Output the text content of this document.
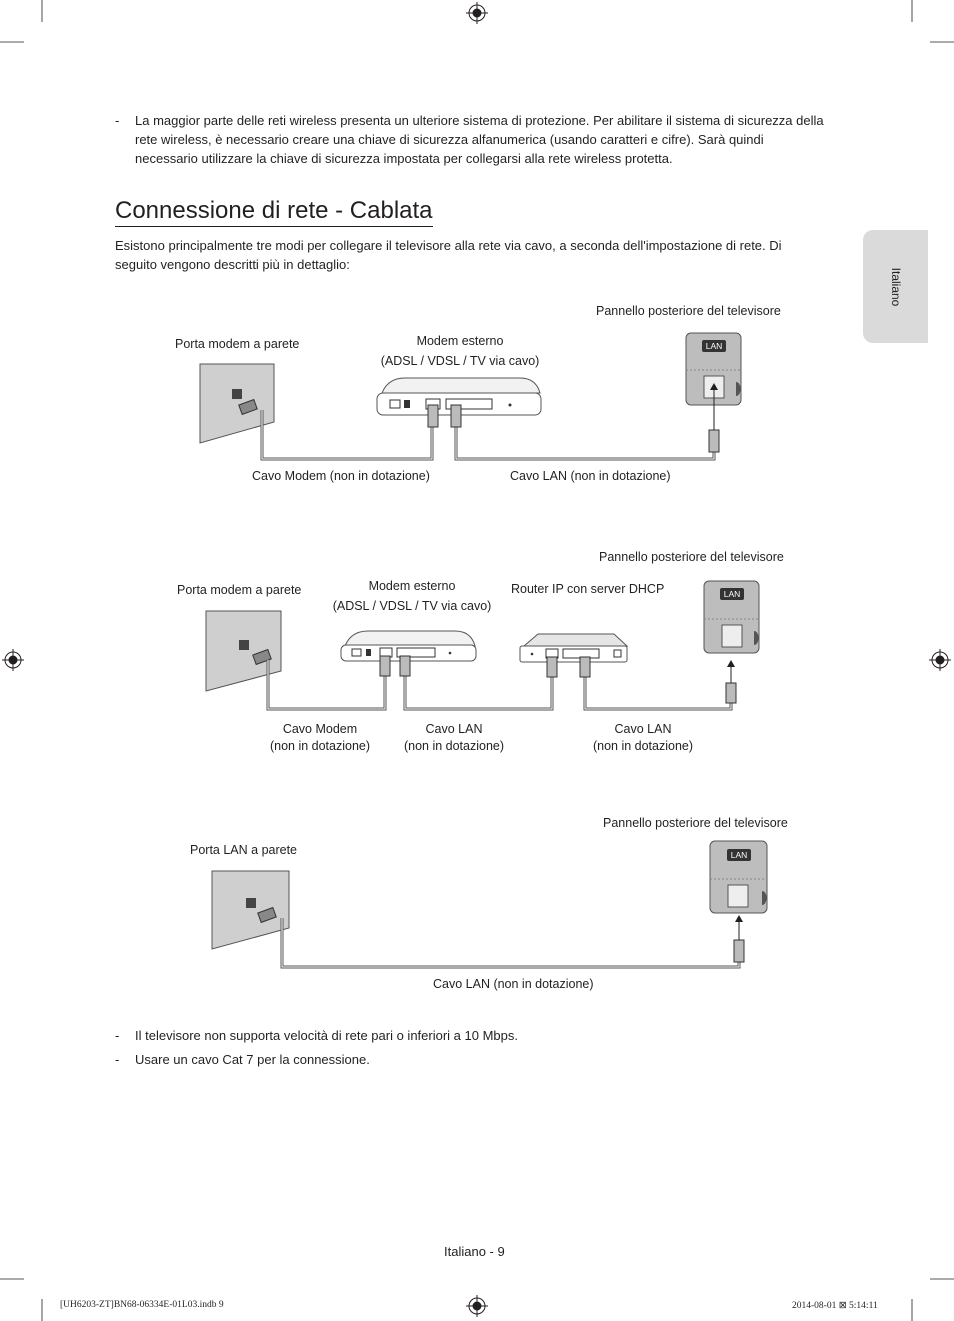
LAN
LAN
LAN
- La maggior parte delle reti wireless presenta un ulteriore sistema di protezione. Per abilitare il sistema di sicurezza della rete wireless, è necessario creare una chiave di sicurezza alfanumerica (usando caratteri e cifre). Sarà quindi necessario utilizzare la chiave di sicurezza impostata per collegarsi alla rete wireless protetta.
Connessione di rete - Cablata
Esistono principalmente tre modi per collegare il televisore alla rete via cavo, a seconda dell'impostazione di rete. Di seguito vengono descritti più in dettaglio:
Italiano
Pannello posteriore del televisore
Porta modem a parete	Modem esterno
(ADSL / VDSL / TV via cavo)
Cavo Modem (non in dotazione)	Cavo LAN (non in dotazione)
Pannello posteriore del televisore
Porta modem a parete	Modem esterno
(ADSL / VDSL / TV via cavo)
Router IP con server DHCP
Cavo Modem
(non in dotazione)
Cavo LAN
(non in dotazione)
Cavo LAN
(non in dotazione)
Pannello posteriore del televisore
Porta LAN a parete
Cavo LAN (non in dotazione)
- Il televisore non supporta velocità di rete pari o inferiori a 10 Mbps.
- Usare un cavo Cat 7 per la connessione.
Italiano - 9
[UH6203-ZT]BN68-06334E-01L03.indb 9	2014-08-01 ⊠ 5:14:11
